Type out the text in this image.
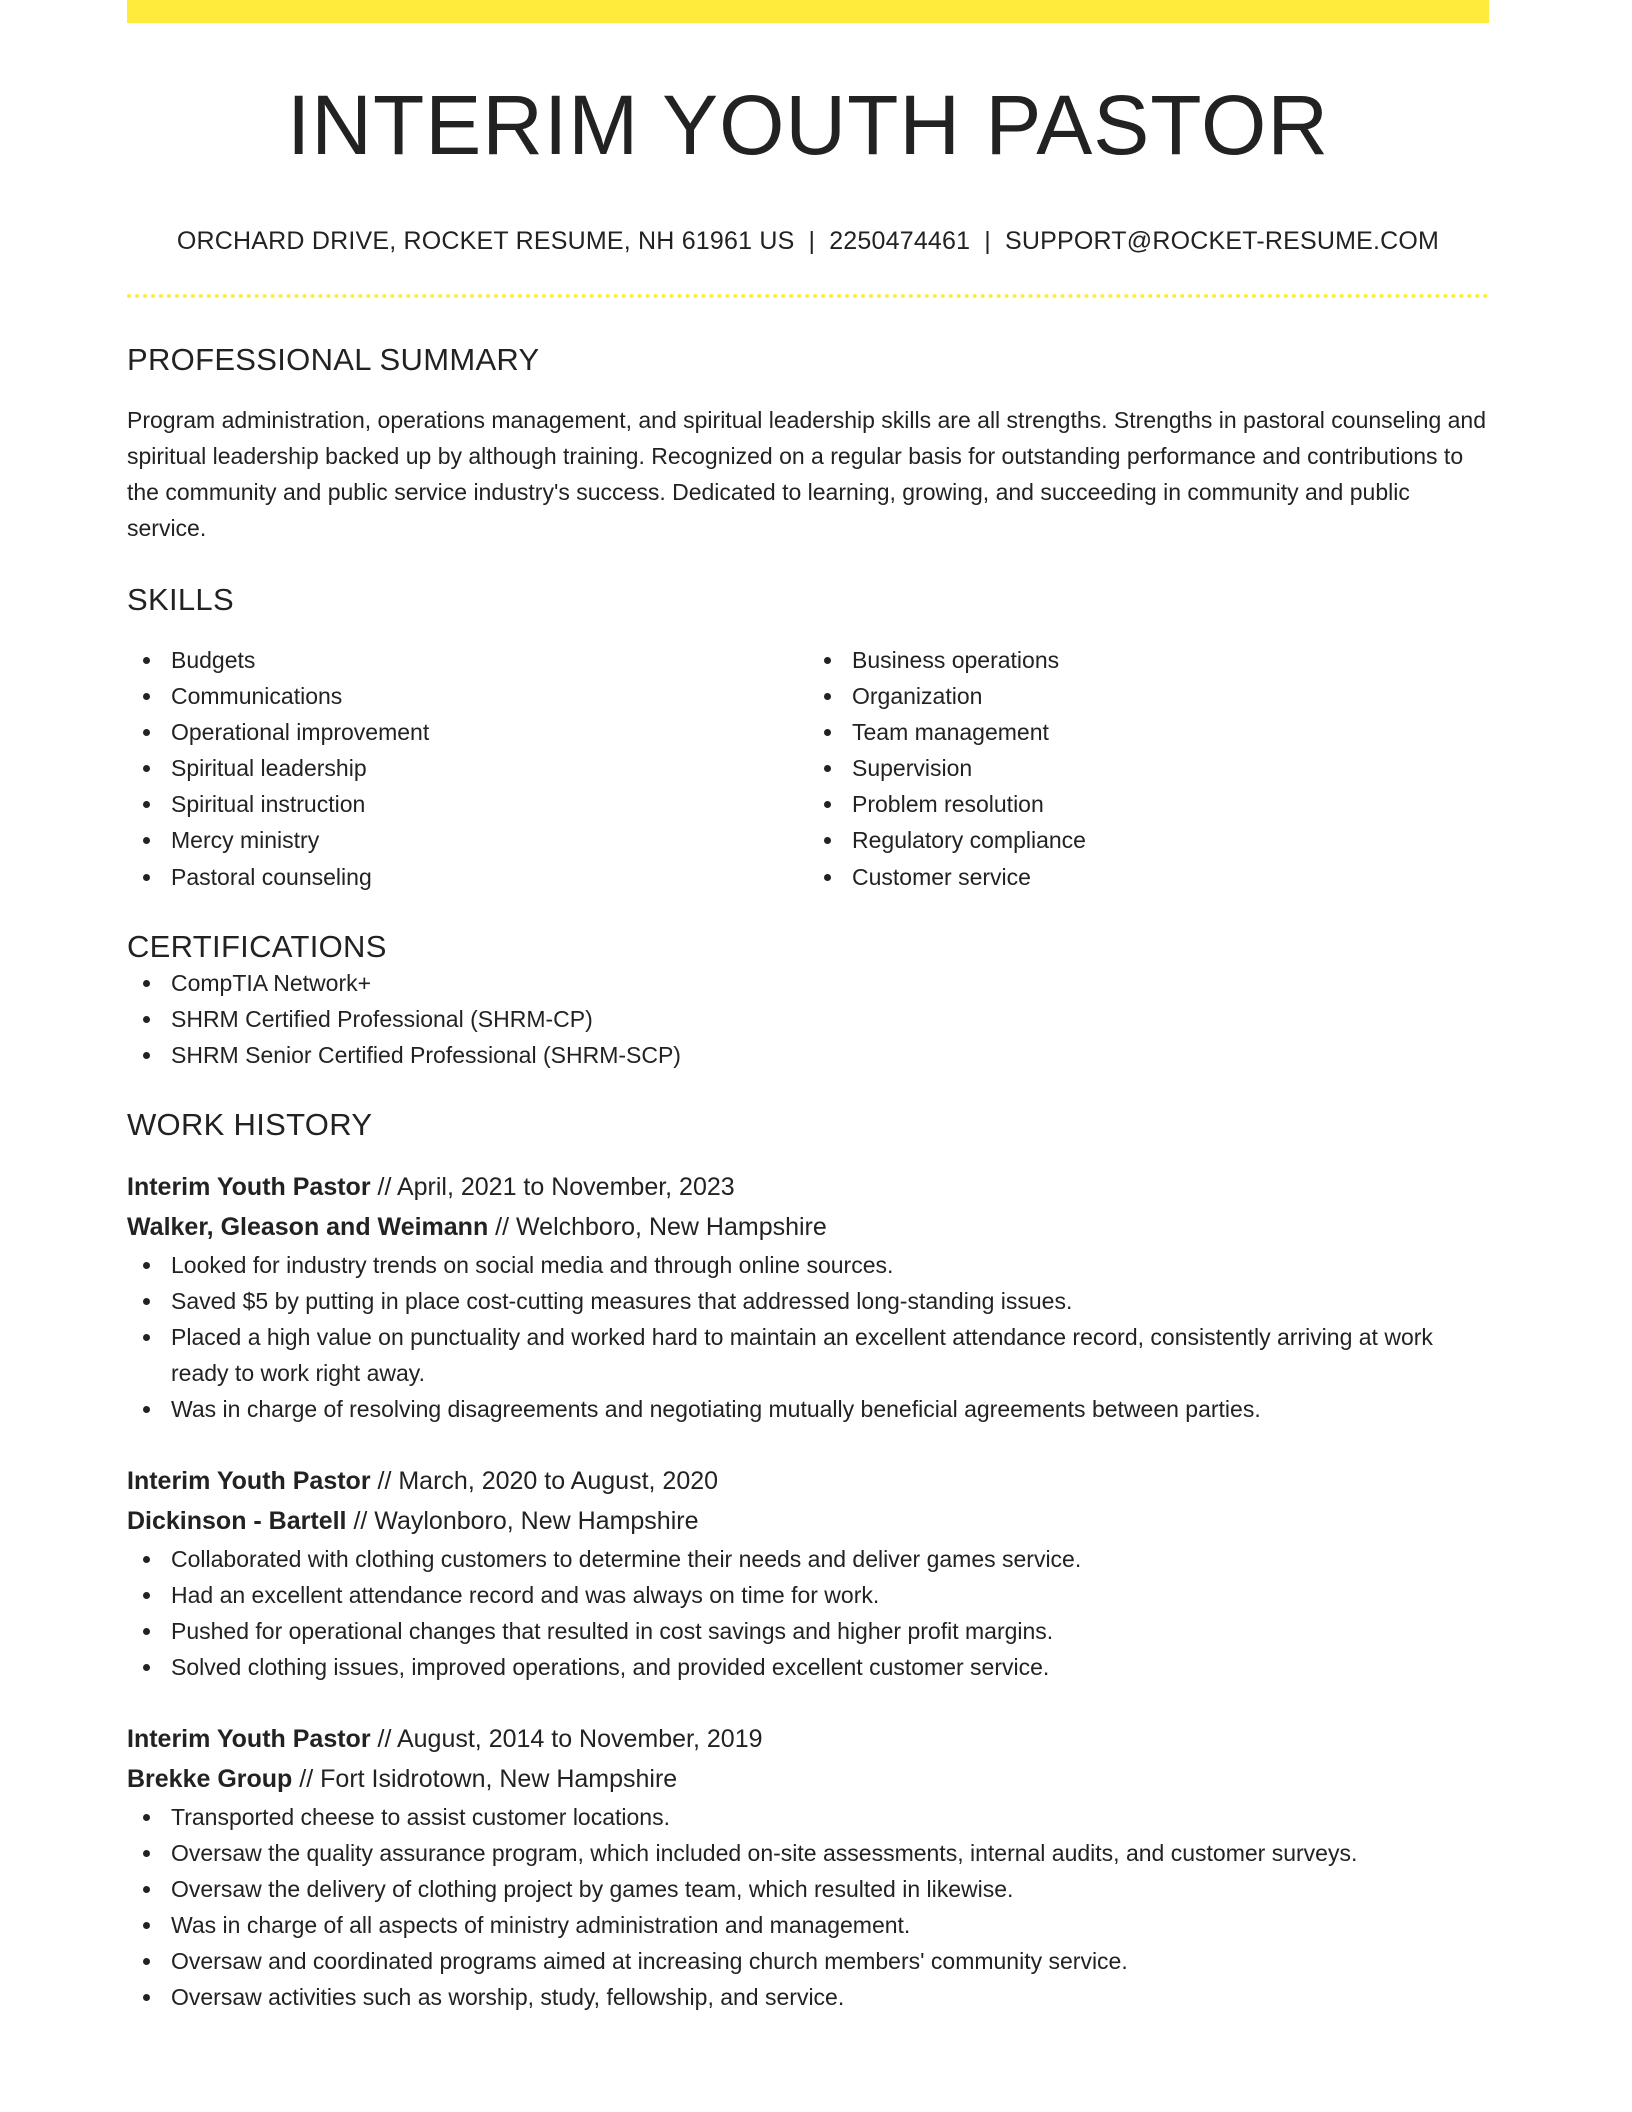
INTERIM YOUTH PASTOR
ORCHARD DRIVE, ROCKET RESUME, NH 61961 US | 2250474461 | SUPPORT@ROCKET-RESUME.COM
PROFESSIONAL SUMMARY
Program administration, operations management, and spiritual leadership skills are all strengths. Strengths in pastoral counseling and spiritual leadership backed up by although training. Recognized on a regular basis for outstanding performance and contributions to the community and public service industry's success. Dedicated to learning, growing, and succeeding in community and public service.
SKILLS
Budgets
Communications
Operational improvement
Spiritual leadership
Spiritual instruction
Mercy ministry
Pastoral counseling
Business operations
Organization
Team management
Supervision
Problem resolution
Regulatory compliance
Customer service
CERTIFICATIONS
CompTIA Network+
SHRM Certified Professional (SHRM-CP)
SHRM Senior Certified Professional (SHRM-SCP)
WORK HISTORY
Interim Youth Pastor // April, 2021 to November, 2023
Walker, Gleason and Weimann // Welchboro, New Hampshire
Looked for industry trends on social media and through online sources.
Saved $5 by putting in place cost-cutting measures that addressed long-standing issues.
Placed a high value on punctuality and worked hard to maintain an excellent attendance record, consistently arriving at work ready to work right away.
Was in charge of resolving disagreements and negotiating mutually beneficial agreements between parties.
Interim Youth Pastor // March, 2020 to August, 2020
Dickinson - Bartell // Waylonboro, New Hampshire
Collaborated with clothing customers to determine their needs and deliver games service.
Had an excellent attendance record and was always on time for work.
Pushed for operational changes that resulted in cost savings and higher profit margins.
Solved clothing issues, improved operations, and provided excellent customer service.
Interim Youth Pastor // August, 2014 to November, 2019
Brekke Group // Fort Isidrotown, New Hampshire
Transported cheese to assist customer locations.
Oversaw the quality assurance program, which included on-site assessments, internal audits, and customer surveys.
Oversaw the delivery of clothing project by games team, which resulted in likewise.
Was in charge of all aspects of ministry administration and management.
Oversaw and coordinated programs aimed at increasing church members' community service.
Oversaw activities such as worship, study, fellowship, and service.
